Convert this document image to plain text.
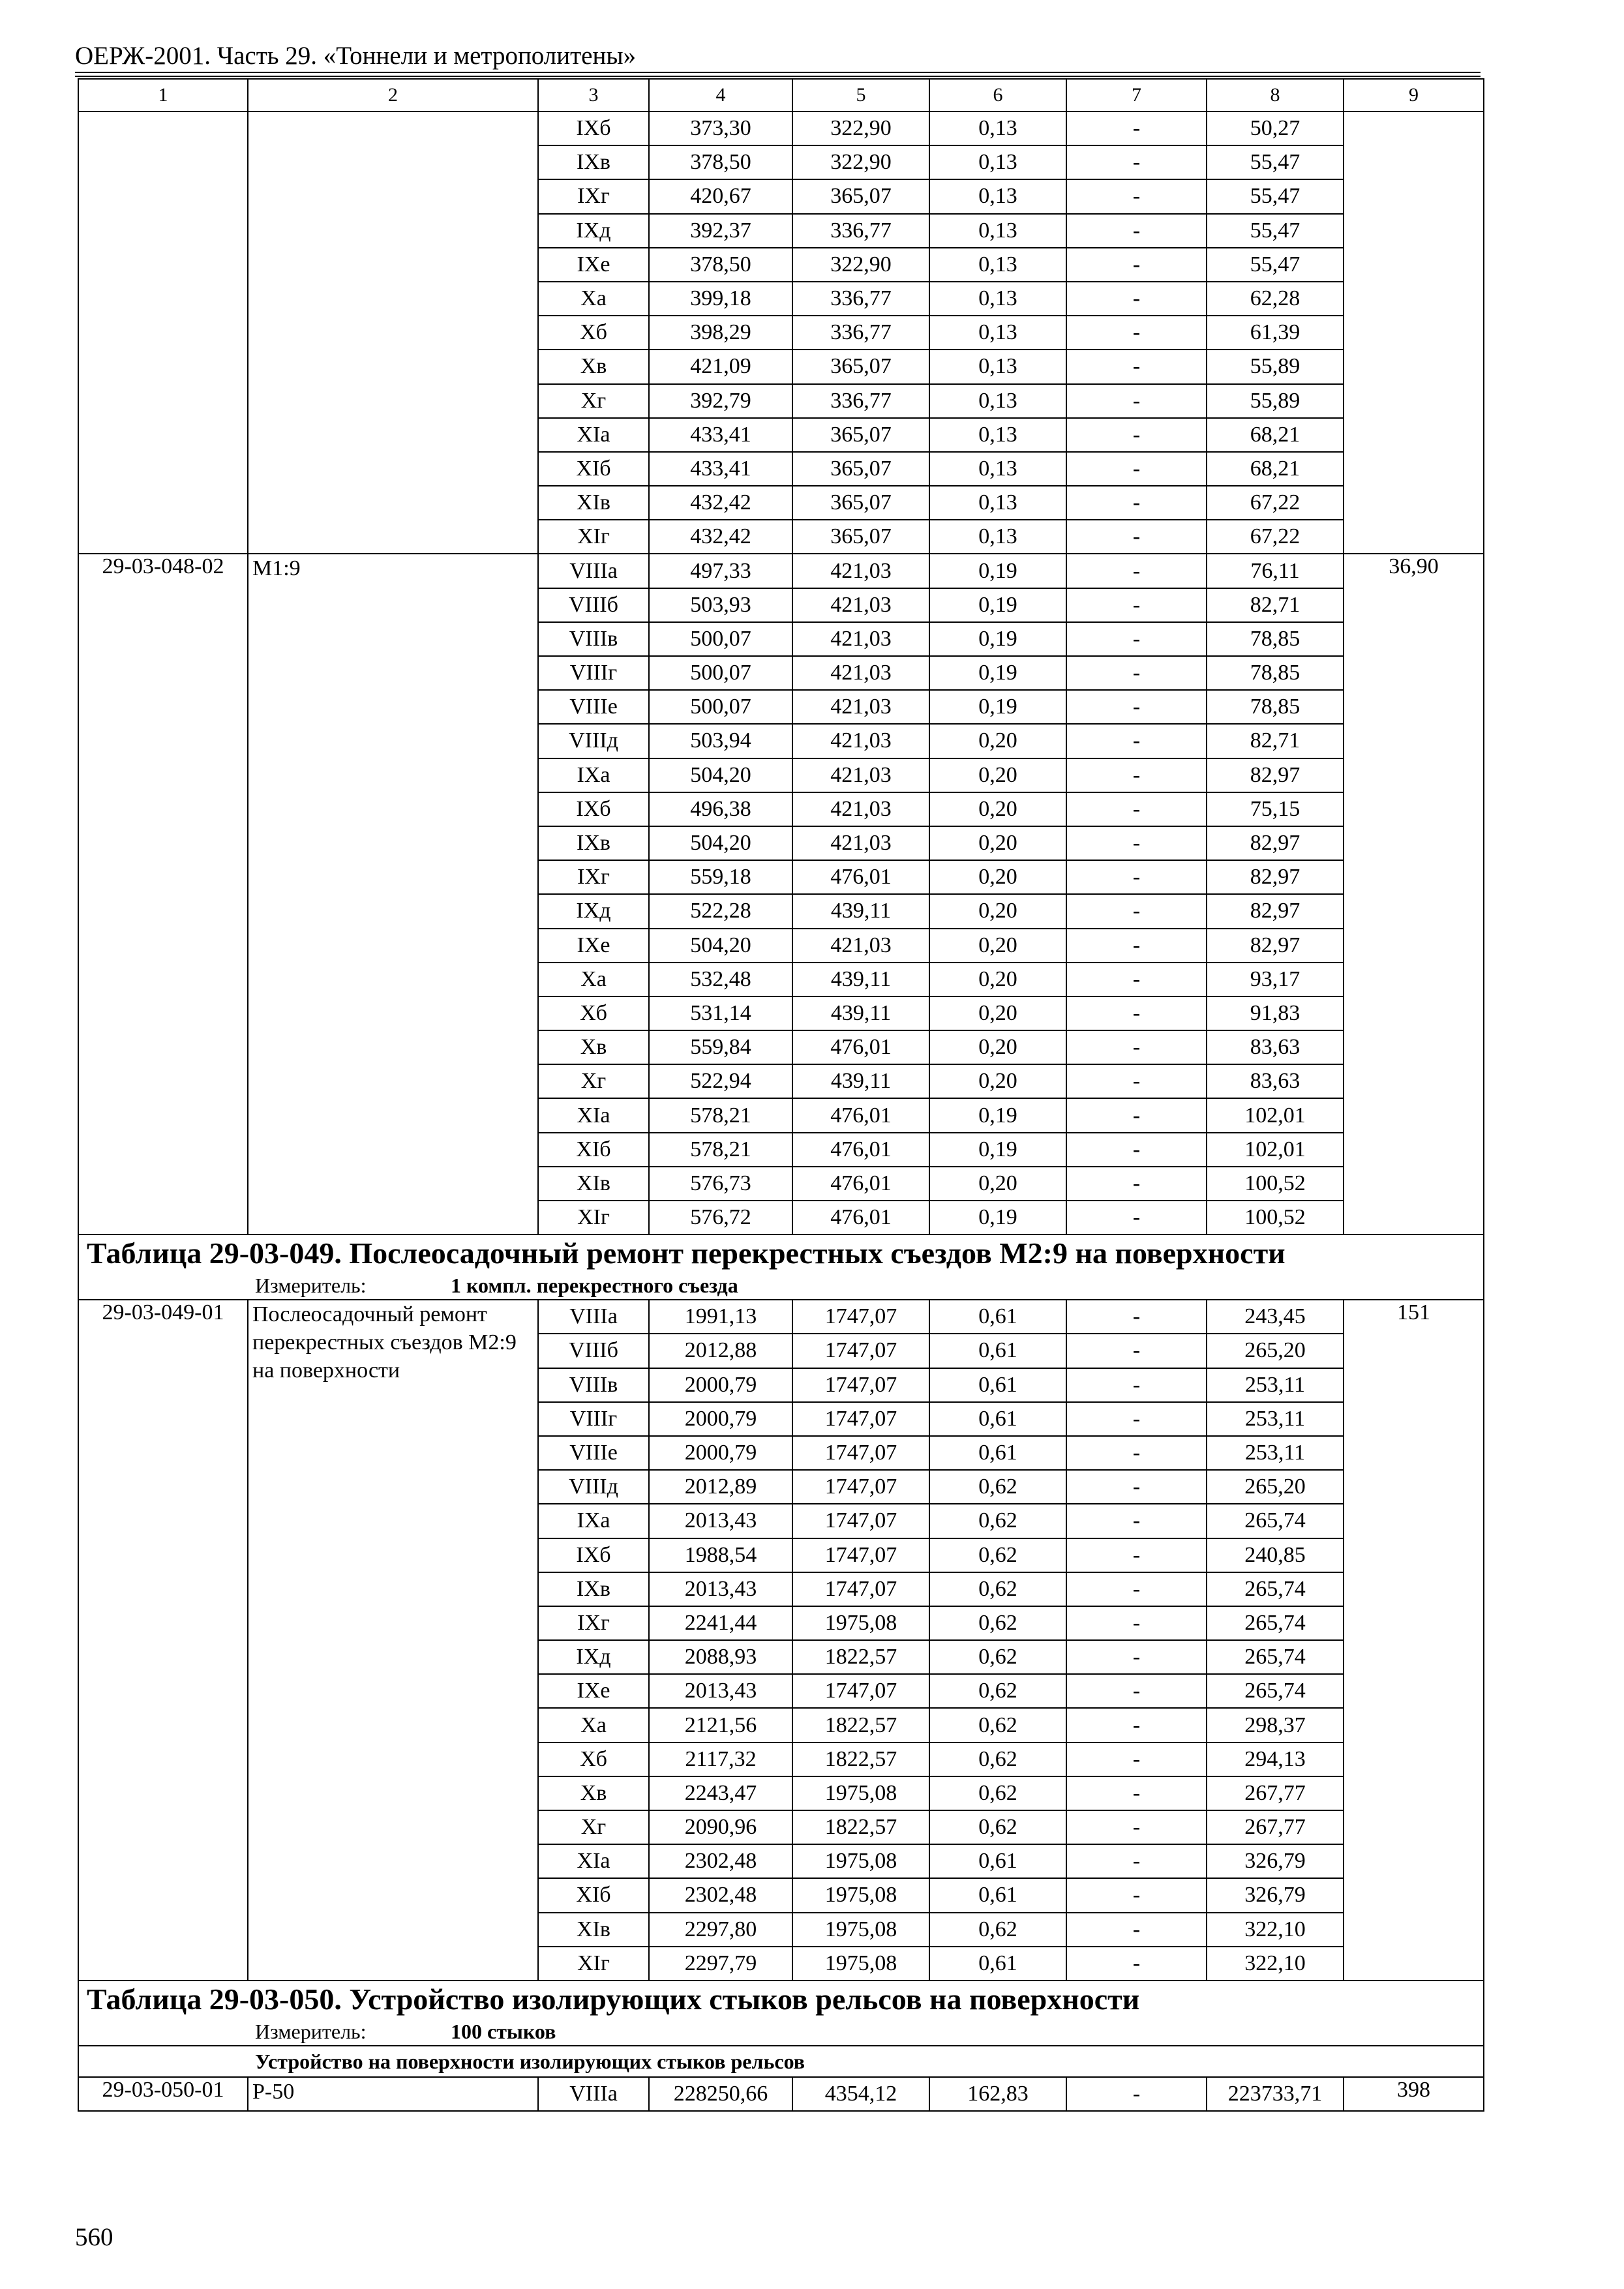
ОЕРЖ-2001. Часть 29. «Тоннели и метрополитены»
1	2	3	4	5	6	7	8	9
		IXб	373,30	322,90	0,13	-	50,27	
		IXв	378,50	322,90	0,13	-	55,47	
		IXг	420,67	365,07	0,13	-	55,47	
		IXд	392,37	336,77	0,13	-	55,47	
		IXе	378,50	322,90	0,13	-	55,47	
		Xа	399,18	336,77	0,13	-	62,28	
		Xб	398,29	336,77	0,13	-	61,39	
		Xв	421,09	365,07	0,13	-	55,89	
		Xг	392,79	336,77	0,13	-	55,89	
		XIа	433,41	365,07	0,13	-	68,21	
		XIб	433,41	365,07	0,13	-	68,21	
		XIв	432,42	365,07	0,13	-	67,22	
		XIг	432,42	365,07	0,13	-	67,22	
29-03-048-02	М1:9	VIIIа	497,33	421,03	0,19	-	76,11	36,90
		VIIIб	503,93	421,03	0,19	-	82,71	
		VIIIв	500,07	421,03	0,19	-	78,85	
		VIIIг	500,07	421,03	0,19	-	78,85	
		VIIIе	500,07	421,03	0,19	-	78,85	
		VIIIд	503,94	421,03	0,20	-	82,71	
		IXа	504,20	421,03	0,20	-	82,97	
		IXб	496,38	421,03	0,20	-	75,15	
		IXв	504,20	421,03	0,20	-	82,97	
		IXг	559,18	476,01	0,20	-	82,97	
		IXд	522,28	439,11	0,20	-	82,97	
		IXе	504,20	421,03	0,20	-	82,97	
		Xа	532,48	439,11	0,20	-	93,17	
		Xб	531,14	439,11	0,20	-	91,83	
		Xв	559,84	476,01	0,20	-	83,63	
		Xг	522,94	439,11	0,20	-	83,63	
		XIа	578,21	476,01	0,19	-	102,01	
		XIб	578,21	476,01	0,19	-	102,01	
		XIв	576,73	476,01	0,20	-	100,52	
		XIг	576,72	476,01	0,19	-	100,52	
Таблица 29-03-049. Послеосадочный ремонт перекрестных съездов М2:9 на поверхности								
Измеритель: 1 компл. перекрестного съезда								
29-03-049-01	Послеосадочный ремонт перекрестных съездов М2:9 на поверхности	VIIIа	1991,13	1747,07	0,61	-	243,45	151
		VIIIб	2012,88	1747,07	0,61	-	265,20	
		VIIIв	2000,79	1747,07	0,61	-	253,11	
		VIIIг	2000,79	1747,07	0,61	-	253,11	
		VIIIе	2000,79	1747,07	0,61	-	253,11	
		VIIIд	2012,89	1747,07	0,62	-	265,20	
		IXа	2013,43	1747,07	0,62	-	265,74	
		IXб	1988,54	1747,07	0,62	-	240,85	
		IXв	2013,43	1747,07	0,62	-	265,74	
		IXг	2241,44	1975,08	0,62	-	265,74	
		IXд	2088,93	1822,57	0,62	-	265,74	
		IXе	2013,43	1747,07	0,62	-	265,74	
		Xа	2121,56	1822,57	0,62	-	298,37	
		Xб	2117,32	1822,57	0,62	-	294,13	
		Xв	2243,47	1975,08	0,62	-	267,77	
		Xг	2090,96	1822,57	0,62	-	267,77	
		XIа	2302,48	1975,08	0,61	-	326,79	
		XIб	2302,48	1975,08	0,61	-	326,79	
		XIв	2297,80	1975,08	0,62	-	322,10	
		XIг	2297,79	1975,08	0,61	-	322,10	
Таблица 29-03-050. Устройство изолирующих стыков рельсов на поверхности								
Измеритель: 100 стыков								
Устройство на поверхности изолирующих стыков рельсов								
29-03-050-01	Р-50	VIIIа	228250,66	4354,12	162,83	-	223733,71	398
560
